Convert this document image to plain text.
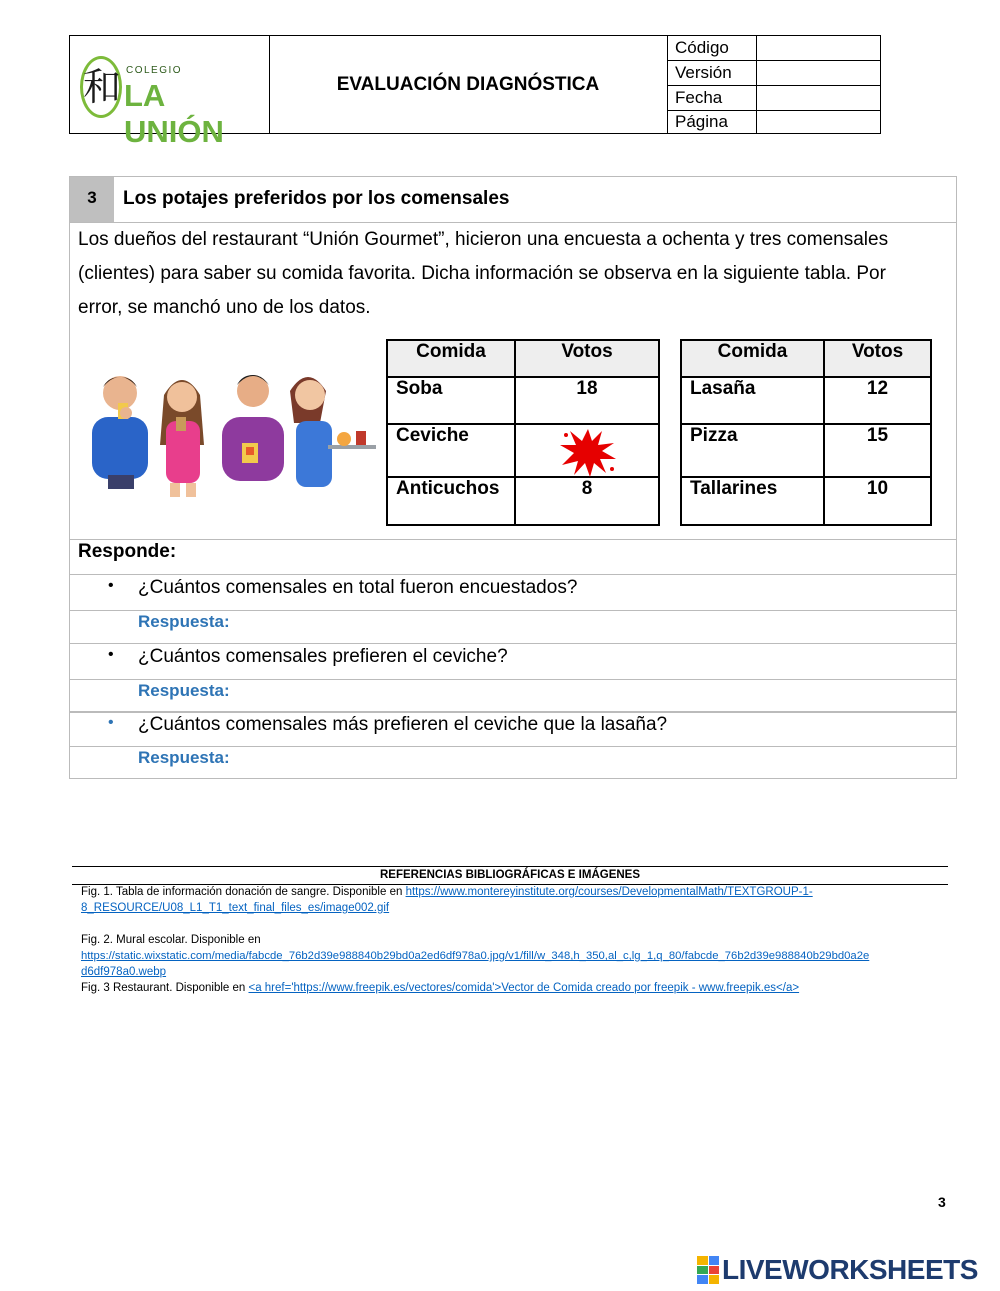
和 COLEGIO
LA UNIÓN
EVALUACIÓN DIAGNÓSTICA
Código
Versión
Fecha
Página
3	Los potajes preferidos por los comensales
Los dueños del restaurant “Unión Gourmet”, hicieron una encuesta a ochenta y tres comensales (clientes) para saber su comida favorita. Dicha información se observa en la siguiente tabla. Por error, se manchó uno de los datos.
Comida	Votos
Soba	18
Ceviche	

Anticuchos	8
Comida	Votos
Lasaña	12
Pizza	15
Tallarines	10
Responde:
• ¿Cuántos comensales en total fueron encuestados?
Respuesta:
• ¿Cuántos comensales prefieren el ceviche?
Respuesta:
• ¿Cuántos comensales más prefieren el ceviche que la lasaña?
Respuesta:
REFERENCIAS BIBLIOGRÁFICAS E IMÁGENES
Fig. 1. Tabla de información donación de sangre. Disponible en https://www.montereyinstitute.org/courses/DevelopmentalMath/TEXTGROUP-1-
8_RESOURCE/U08_L1_T1_text_final_files_es/image002.gif
Fig. 2. Mural escolar. Disponible en
https://static.wixstatic.com/media/fabcde_76b2d39e988840b29bd0a2ed6df978a0.jpg/v1/fill/w_348,h_350,al_c,lg_1,q_80/fabcde_76b2d39e988840b29bd0a2e
d6df978a0.webp
Fig. 3 Restaurant. Disponible en <a href='https://www.freepik.es/vectores/comida'>Vector de Comida creado por freepik - www.freepik.es</a>
3
LIVEWORKSHEETS
